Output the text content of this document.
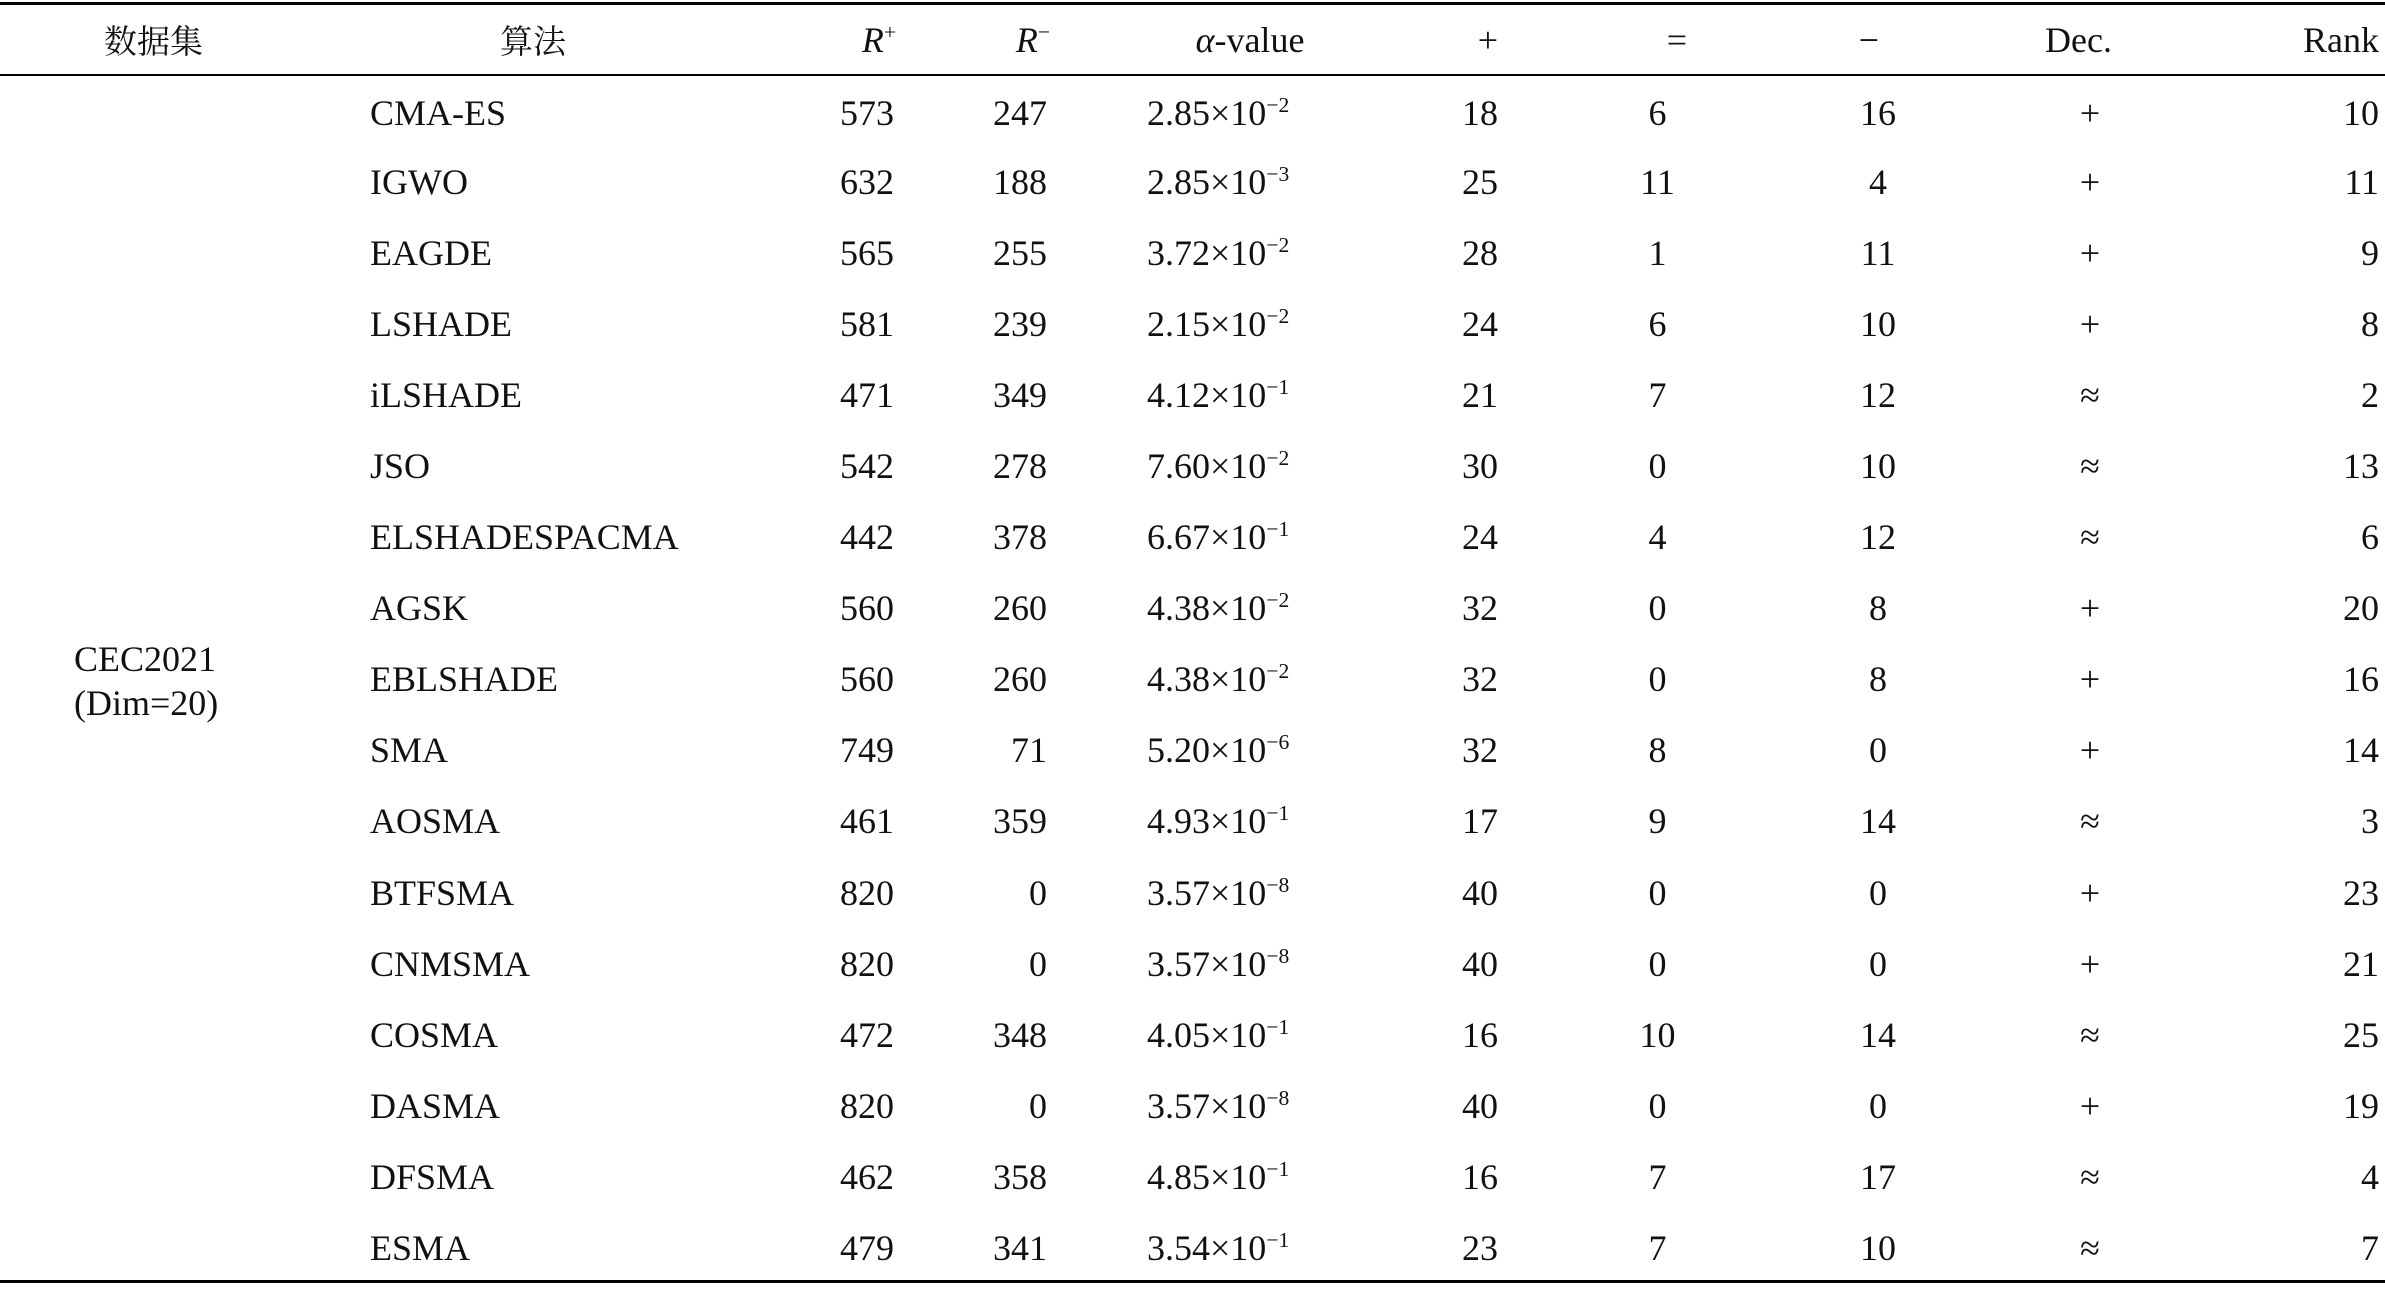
数据集	算法	R+	R−	α-value	+	=	−	Dec.	Rank

CEC2021
(Dim=20)	CMA-ES	573	247	$2.85\times 10^{-2}$	18	6	16	+	10
	IGWO	632	188	$2.85\times 10^{-3}$	25	11	4	+	11
	EAGDE	565	255	$3.72\times 10^{-2}$	28	1	11	+	9
	LSHADE	581	239	$2.15\times 10^{-2}$	24	6	10	+	8
	iLSHADE	471	349	$4.12\times 10^{-1}$	21	7	12	≈	2
	JSO	542	278	$7.60\times 10^{-2}$	30	0	10	≈	13
	ELSHADESPACMA	442	378	$6.67\times 10^{-1}$	24	4	12	≈	6
	AGSK	560	260	$4.38\times 10^{-2}$	32	0	8	+	20
	EBLSHADE	560	260	$4.38\times 10^{-2}$	32	0	8	+	16
	SMA	749	71	$5.20\times 10^{-6}$	32	8	0	+	14
	AOSMA	461	359	$4.93\times 10^{-1}$	17	9	14	≈	3
	BTFSMA	820	0	$3.57\times 10^{-8}$	40	0	0	+	23
	CNMSMA	820	0	$3.57\times 10^{-8}$	40	0	0	+	21
	COSMA	472	348	$4.05\times 10^{-1}$	16	10	14	≈	25
	DASMA	820	0	$3.57\times 10^{-8}$	40	0	0	+	19
	DFSMA	462	358	$4.85\times 10^{-1}$	16	7	17	≈	4
	ESMA	479	341	$3.54\times 10^{-1}$	23	7	10	≈	7
